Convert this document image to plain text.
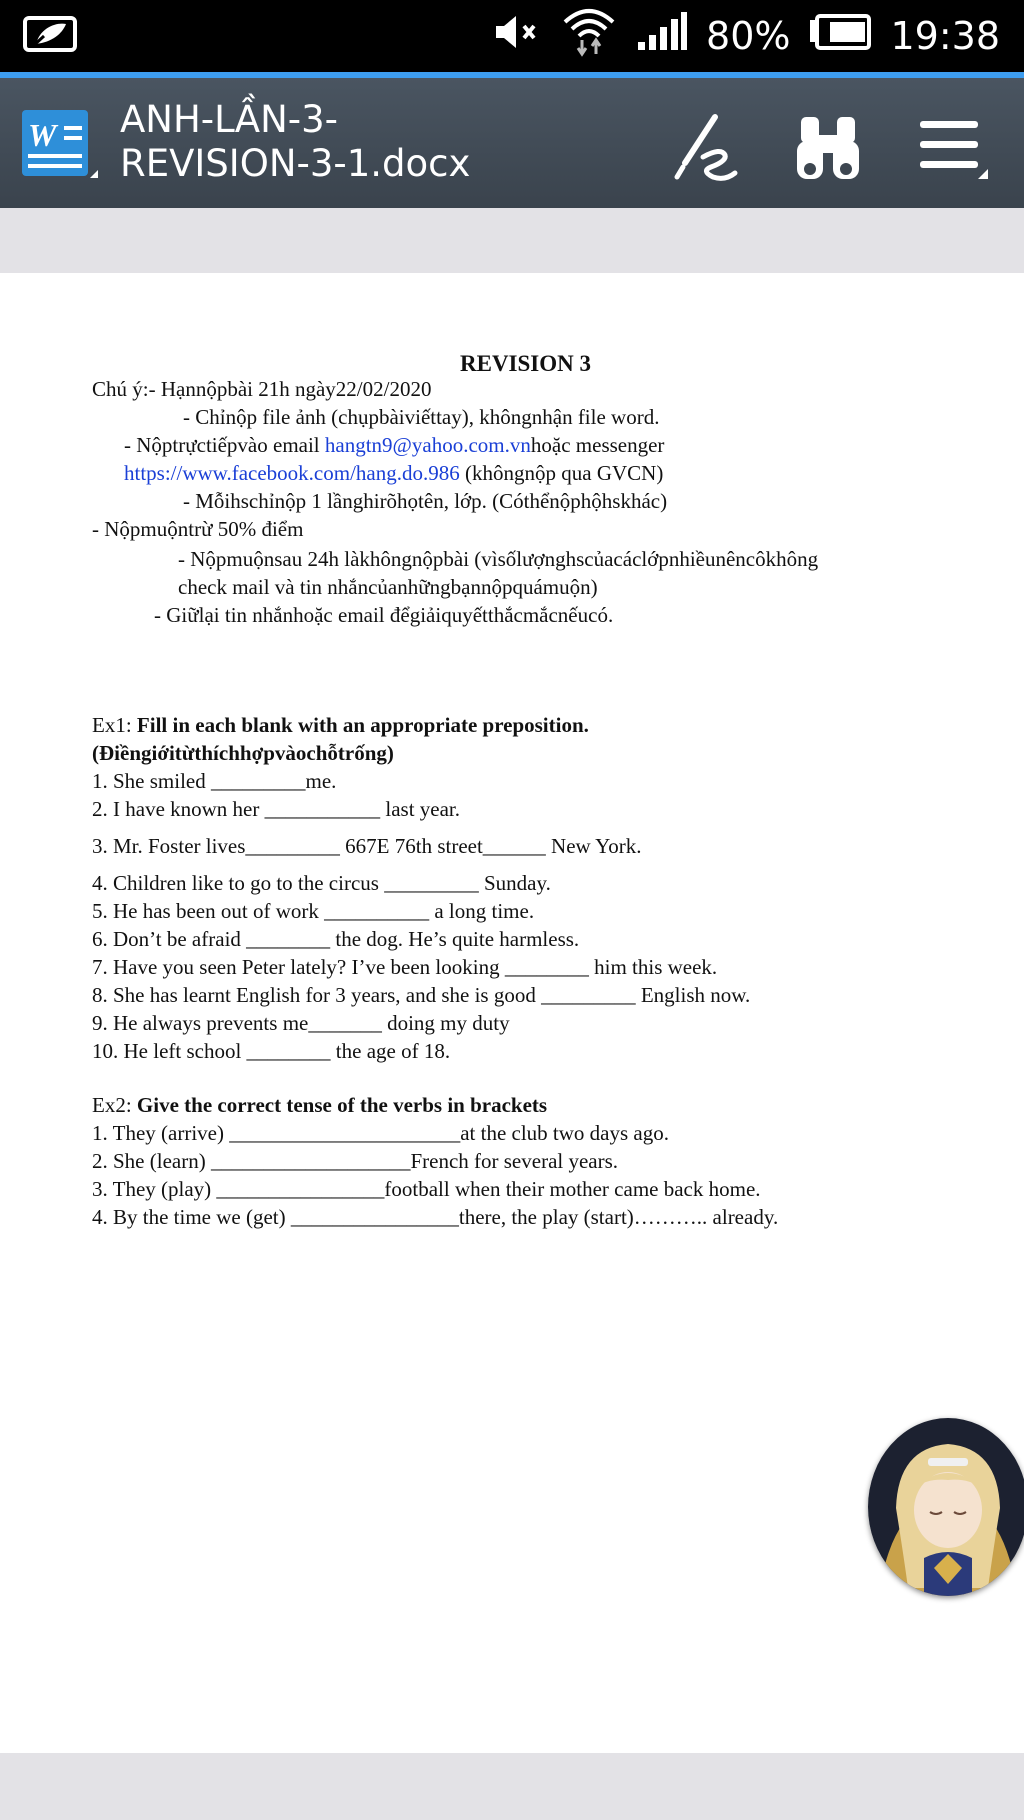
80%	19:38
W ANH-LẦN-3-
REVISION-3-1.docx
REVISION 3
Chú ý:- Hạnnộpbài 21h ngày22/02/2020
- Chỉnộp file ảnh (chụpbàiviếttay), khôngnhận file word.
- Nộptrựctiếpvào email hangtn9@yahoo.com.vnhoặc messenger
https://www.facebook.com/hang.do.986 (khôngnộp qua GVCN)
- Mỗihschỉnộp 1 lầnghirõhọtên, lớp. (Cóthểnộphộhskhác)
- Nộpmuộntrừ 50% điểm
- Nộpmuộnsau 24h làkhôngnộpbài (vìsốlượnghscủacáclớpnhiềunêncôkhông
check mail và tin nhắncủanhữngbạnnộpquámuộn)
- Giữlại tin nhắnhoặc email đểgiảiquyếtthắcmắcnếucó.
Ex1: Fill in each blank with an appropriate preposition.
(Điềngiớitừthíchhợpvàochỗtrống)
1. She smiled _________me.
2. I have known her ___________ last year.
3. Mr. Foster lives_________ 667E 76th street______ New York.
4. Children like to go to the circus _________ Sunday.
5. He has been out of work __________ a long time.
6. Don’t be afraid ________ the dog. He’s quite harmless.
7. Have you seen Peter lately? I’ve been looking ________ him this week.
8. She has learnt English for 3 years, and she is good _________ English now.
9. He always prevents me_______ doing my duty
10. He left school ________ the age of 18.
Ex2: Give the correct tense of the verbs in brackets
1. They (arrive) ______________________at the club two days ago.
2. She (learn) ___________________French for several years.
3. They (play) ________________football when their mother came back home.
4. By the time we (get) ________________there, the play (start)……….. already.
